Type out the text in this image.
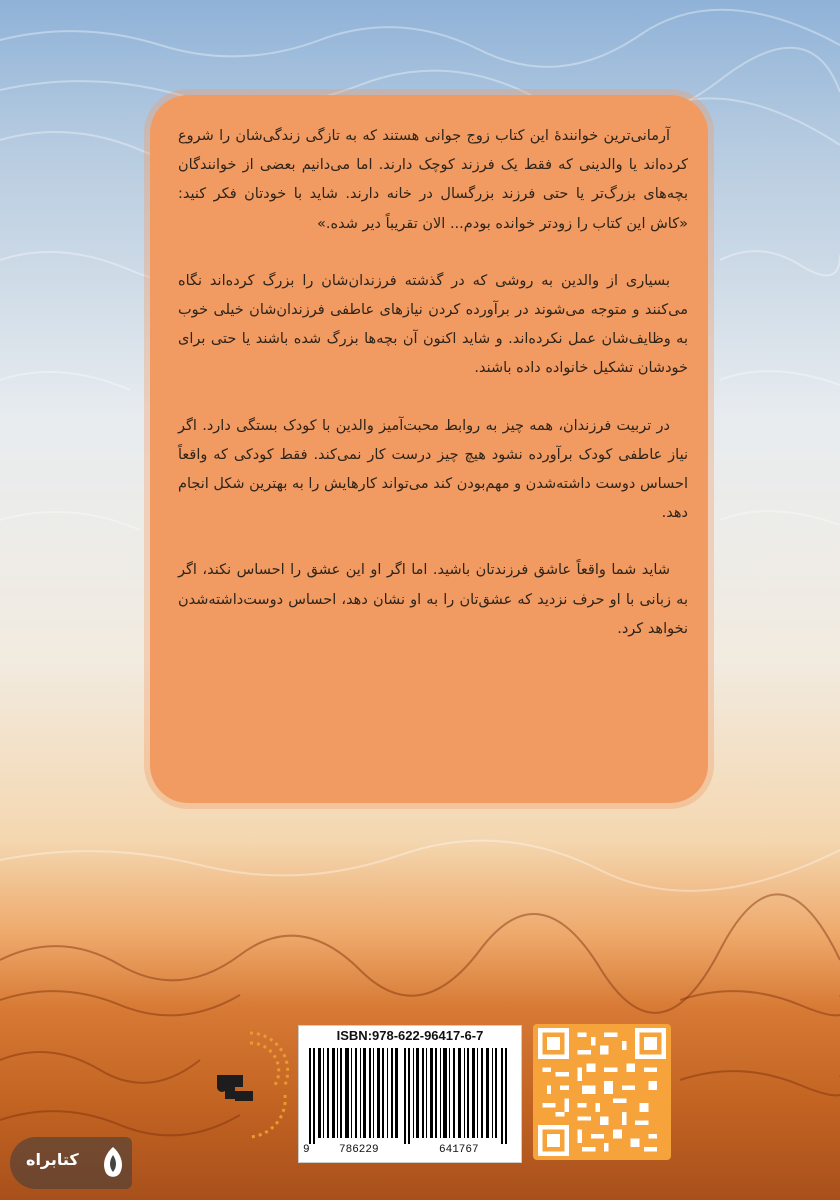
آرمانی‌ترین خوانندۀ این کتاب زوج جوانی هستند که به تازگی زندگی‌شان را شروع کرده‌اند یا والدینی که فقط یک فرزند کوچک دارند. اما می‌دانیم بعضی از خوانندگان بچه‌های بزرگ‌تر یا حتی فرزند بزرگسال در خانه دارند. شاید با خودتان فکر کنید: «کاش این کتاب را زودتر خوانده بودم... الان تقریباً دیر شده.»

بسیاری از والدین به روشی که در گذشته فرزندان‌شان را بزرگ کرده‌اند نگاه می‌کنند و متوجه می‌شوند در برآورده کردن نیازهای عاطفی فرزندان‌شان خیلی خوب به وظایف‌شان عمل نکرده‌اند. و شاید اکنون آن بچه‌ها بزرگ شده باشند یا حتی برای خودشان تشکیل خانواده داده باشند.

در تربیت فرزندان، همه چیز به روابط محبت‌آمیز والدین با کودک بستگی دارد. اگر نیاز عاطفی کودک برآورده نشود هیچ چیز درست کار نمی‌کند. فقط کودکی که واقعاً احساس دوست داشته‌شدن و مهم‌بودن کند می‌تواند کارهایش را به بهترین شکل انجام دهد.

شاید شما واقعاً عاشق فرزندتان باشید. اما اگر او این عشق را احساس نکند، اگر به زبانی با او حرف نزدید که عشق‌تان را به او نشان دهد، احساس دوست‌داشته‌شدن نخواهد کرد.

ISBN:978-622-96417-6-7
9	786229	641767
کتابراه
